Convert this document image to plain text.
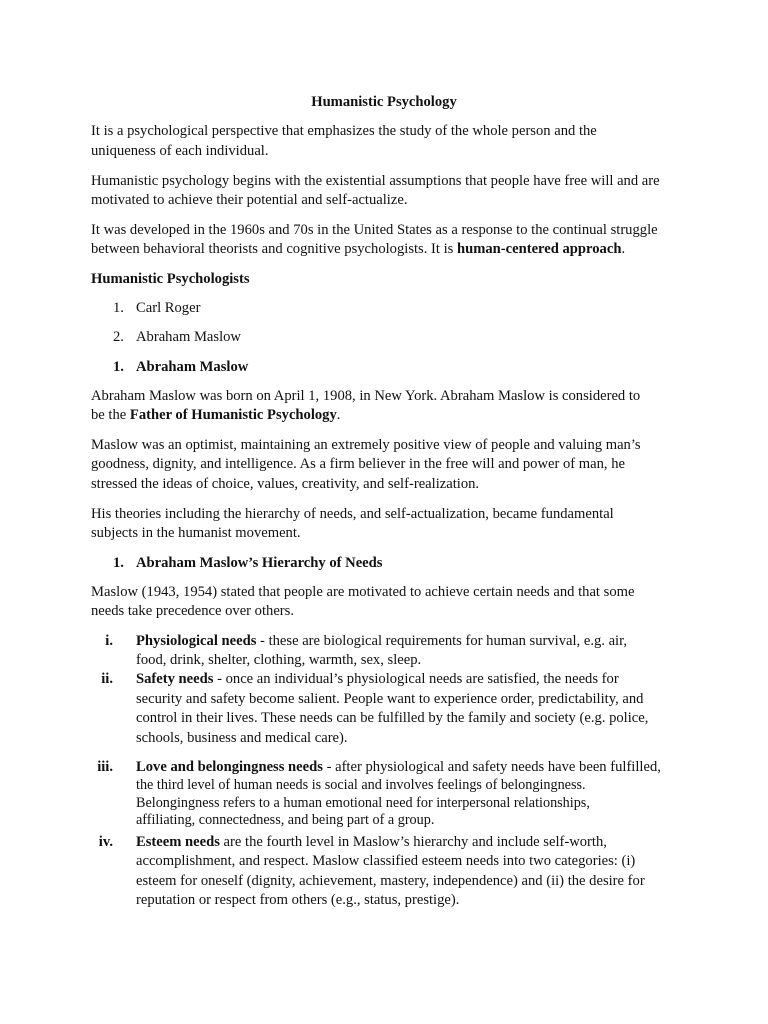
Humanistic Psychology
It is a psychological perspective that emphasizes the study of the whole person and the
uniqueness of each individual.
Humanistic psychology begins with the existential assumptions that people have free will and are
motivated to achieve their potential and self-actualize.
It was developed in the 1960s and 70s in the United States as a response to the continual struggle
between behavioral theorists and cognitive psychologists. It is human-centered approach.
Humanistic Psychologists
1. Carl Roger
2. Abraham Maslow
1. Abraham Maslow
Abraham Maslow was born on April 1, 1908, in New York. Abraham Maslow is considered to
be the Father of Humanistic Psychology.
Maslow was an optimist, maintaining an extremely positive view of people and valuing man’s
goodness, dignity, and intelligence. As a firm believer in the free will and power of man, he
stressed the ideas of choice, values, creativity, and self-realization.
His theories including the hierarchy of needs, and self-actualization, became fundamental
subjects in the humanist movement.
1. Abraham Maslow’s Hierarchy of Needs
Maslow (1943, 1954) stated that people are motivated to achieve certain needs and that some
needs take precedence over others.
i. Physiological needs - these are biological requirements for human survival, e.g. air,
food, drink, shelter, clothing, warmth, sex, sleep.
ii. Safety needs - once an individual’s physiological needs are satisfied, the needs for
security and safety become salient. People want to experience order, predictability, and
control in their lives. These needs can be fulfilled by the family and society (e.g. police,
schools, business and medical care).
iii. Love and belongingness needs - after physiological and safety needs have been fulfilled,
the third level of human needs is social and involves feelings of belongingness.
Belongingness refers to a human emotional need for interpersonal relationships,
affiliating, connectedness, and being part of a group.
iv. Esteem needs are the fourth level in Maslow’s hierarchy and include self-worth,
accomplishment, and respect. Maslow classified esteem needs into two categories: (i)
esteem for oneself (dignity, achievement, mastery, independence) and (ii) the desire for
reputation or respect from others (e.g., status, prestige).
